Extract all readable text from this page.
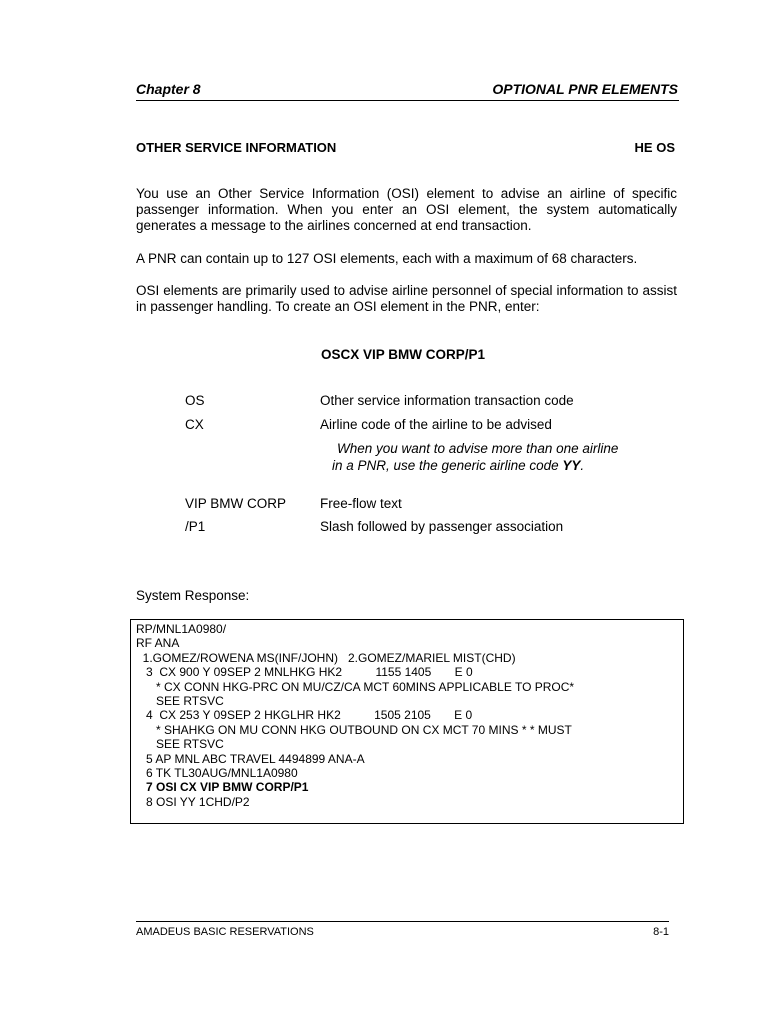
Chapter 8	OPTIONAL PNR ELEMENTS
OTHER SERVICE INFORMATION	HE OS
You use an Other Service Information (OSI) element to advise an airline of specific passenger information. When you enter an OSI element, the system automatically generates a message to the airlines concerned at end transaction.
A PNR can contain up to 127 OSI elements, each with a maximum of 68 characters.
OSI elements are primarily used to advise airline personnel of special information to assist in passenger handling. To create an OSI element in the PNR, enter:
OSCX VIP BMW CORP/P1
OS	Other service information transaction code
CX	Airline code of the airline to be advised
When you want to advise more than one airline
in a PNR, use the generic airline code YY.
VIP BMW CORP	Free-flow text
/P1	Slash followed by passenger association
System Response:
RP/MNL1A0980/
RF ANA
1.GOMEZ/ROWENA MS(INF/JOHN)   2.GOMEZ/MARIEL MIST(CHD)
3  CX 900 Y 09SEP 2 MNLHKG HK2          1155 1405       E 0
* CX CONN HKG-PRC ON MU/CZ/CA MCT 60MINS APPLICABLE TO PROC*
SEE RTSVC
4  CX 253 Y 09SEP 2 HKGLHR HK2          1505 2105       E 0
* SHAHKG ON MU CONN HKG OUTBOUND ON CX MCT 70 MINS * * MUST
SEE RTSVC
5 AP MNL ABC TRAVEL 4494899 ANA-A
6 TK TL30AUG/MNL1A0980
7 OSI CX VIP BMW CORP/P1
8 OSI YY 1CHD/P2
AMADEUS BASIC RESERVATIONS	8-1
